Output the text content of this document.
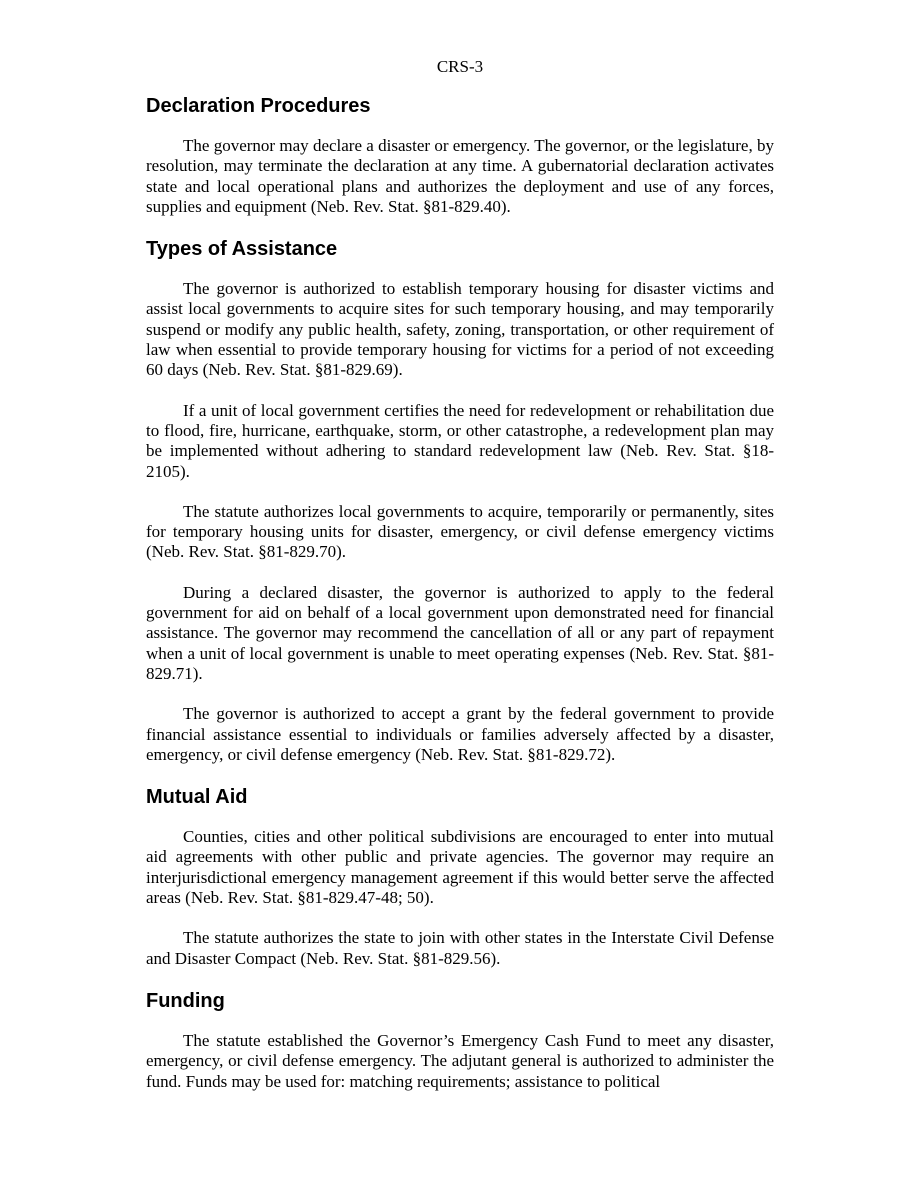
CRS-3
Declaration Procedures

The governor may declare a disaster or emergency. The governor, or the legislature, by resolution, may terminate the declaration at any time. A gubernatorial declaration activates state and local operational plans and authorizes the deployment and use of any forces, supplies and equipment (Neb. Rev. Stat. §81-829.40).

Types of Assistance

The governor is authorized to establish temporary housing for disaster victims and assist local governments to acquire sites for such temporary housing, and may temporarily suspend or modify any public health, safety, zoning, transportation, or other requirement of law when essential to provide temporary housing for victims for a period of not exceeding 60 days (Neb. Rev. Stat. §81-829.69).

If a unit of local government certifies the need for redevelopment or rehabilitation due to flood, fire, hurricane, earthquake, storm, or other catastrophe, a redevelopment plan may be implemented without adhering to standard redevelopment law (Neb. Rev. Stat. §18-2105).

The statute authorizes local governments to acquire, temporarily or permanently, sites for temporary housing units for disaster, emergency, or civil defense emergency victims (Neb. Rev. Stat. §81-829.70).

During a declared disaster, the governor is authorized to apply to the federal government for aid on behalf of a local government upon demonstrated need for financial assistance. The governor may recommend the cancellation of all or any part of repayment when a unit of local government is unable to meet operating expenses (Neb. Rev. Stat. §81-829.71).

The governor is authorized to accept a grant by the federal government to provide financial assistance essential to individuals or families adversely affected by a disaster, emergency, or civil defense emergency (Neb. Rev. Stat. §81-829.72).

Mutual Aid

Counties, cities and other political subdivisions are encouraged to enter into mutual aid agreements with other public and private agencies. The governor may require an interjurisdictional emergency management agreement if this would better serve the affected areas (Neb. Rev. Stat. §81-829.47-48; 50).

The statute authorizes the state to join with other states in the Interstate Civil Defense and Disaster Compact (Neb. Rev. Stat. §81-829.56).

Funding

The statute established the Governor’s Emergency Cash Fund to meet any disaster, emergency, or civil defense emergency. The adjutant general is authorized to administer the fund. Funds may be used for: matching requirements; assistance to political
